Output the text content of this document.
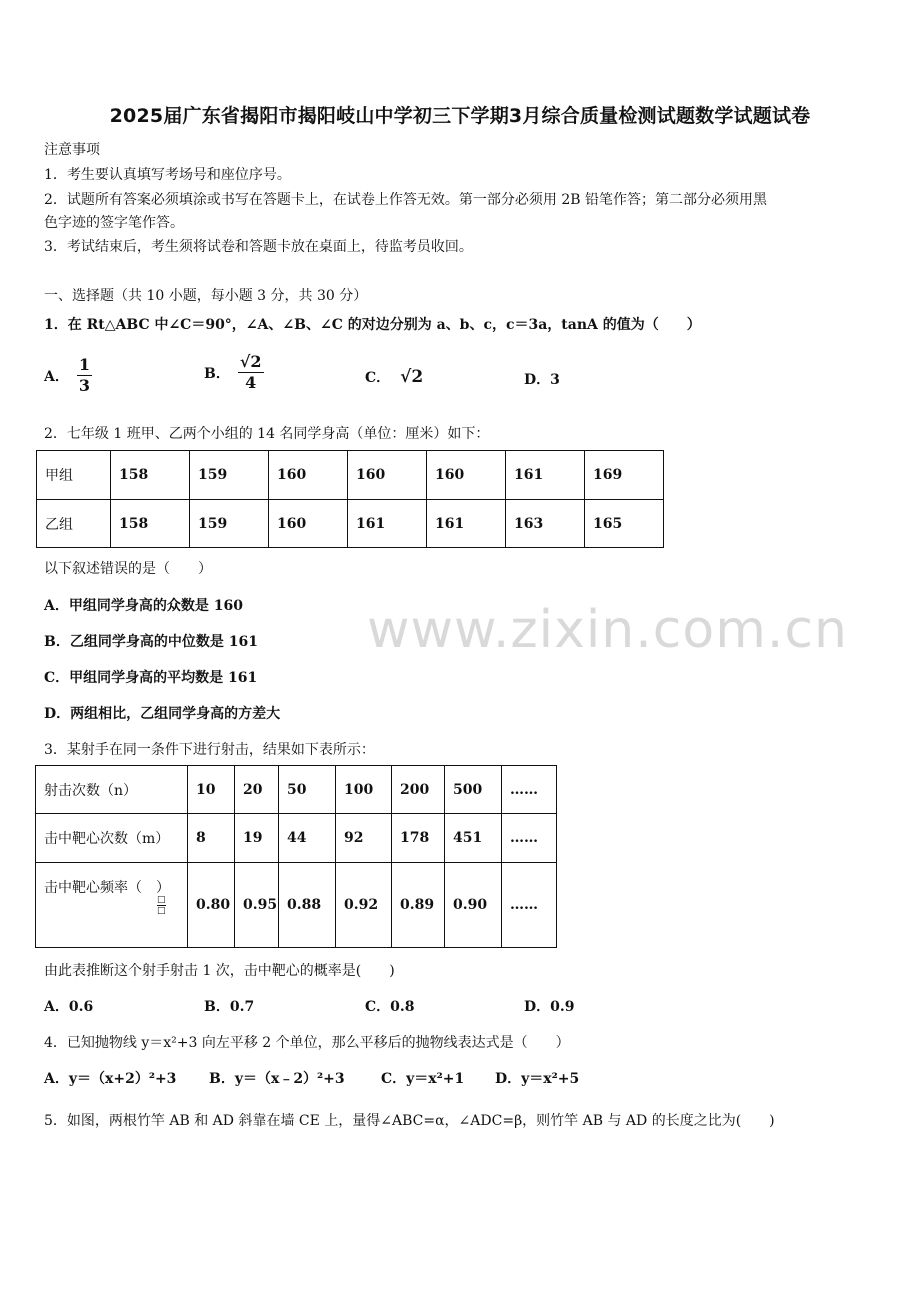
2025届广东省揭阳市揭阳岐山中学初三下学期3月综合质量检测试题数学试题试卷
注意事项
1．考生要认真填写考场号和座位序号。
2．试题所有答案必须填涂或书写在答题卡上，在试卷上作答无效。第一部分必须用 2B 铅笔作答；第二部分必须用黑
色字迹的签字笔作答。
3．考试结束后，考生须将试卷和答题卡放在桌面上，待监考员收回。
一、选择题（共 10 小题，每小题 3 分，共 30 分）
1．在 Rt△ABC 中∠C＝90°，∠A、∠B、∠C 的对边分别为 a、b、c，c＝3a，tanA 的值为（　　）
A． $\frac{1}{3}$	B． $\frac{√2}{4}$	C． √2	D．3
2．七年级 1 班甲、乙两个小组的 14 名同学身高（单位：厘米）如下：
甲组	158	159	160	160	160	161	169
乙组	158	159	160	161	161	163	165
以下叙述错误的是（　　）
A．甲组同学身高的众数是 160
B．乙组同学身高的中位数是 161
C．甲组同学身高的平均数是 161
D．两组相比，乙组同学身高的方差大
www.zixin.com.cn
3．某射手在同一条件下进行射击，结果如下表所示：
射击次数（n）	10	20	50	100	200	500	……
击中靶心次数（m）	8	19	44	92	178	451	……
击中靶心频率（　）
□
□	0.80	0.95	0.88	0.92	0.89	0.90	……
由此表推断这个射手射击 1 次，击中靶心的概率是(　　)
A．0.6	B．0.7	C．0.8	D．0.9
4．已知抛物线 y＝x²+3 向左平移 2 个单位，那么平移后的抛物线表达式是（　　）
A．y＝（x+2）²+3 B．y＝（x﹣2）²+3	C．y＝x²+1 D．y＝x²+5
5．如图，两根竹竿 AB 和 AD 斜靠在墙 CE 上，量得∠ABC=α，∠ADC=β，则竹竿 AB 与 AD 的长度之比为(　　)
